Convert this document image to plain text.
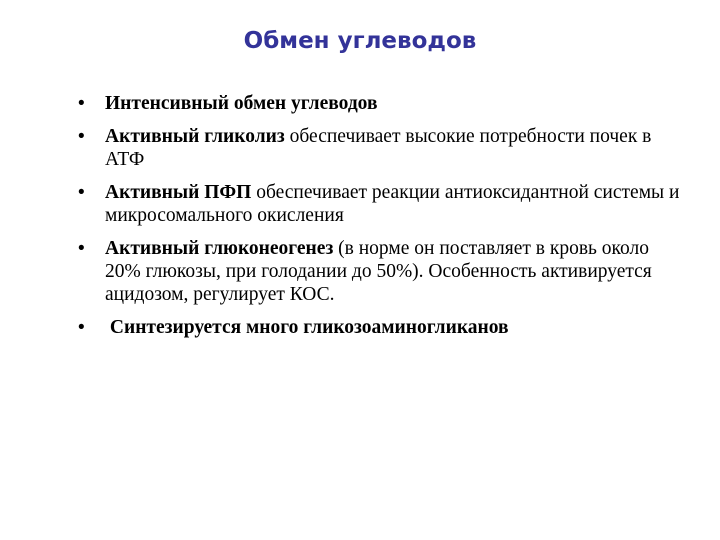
Обмен углеводов
• Интенсивный обмен углеводов
• Активный гликолиз обеспечивает высокие потребности почек в АТФ
• Активный ПФП обеспечивает реакции антиоксидантной системы и микросомального окисления
• Активный глюконеогенез (в норме он поставляет в кровь около 20% глюкозы, при голодании до 50%). Особенность активируется ацидозом, регулирует КОС.
• Синтезируется много гликозоаминогликанов
